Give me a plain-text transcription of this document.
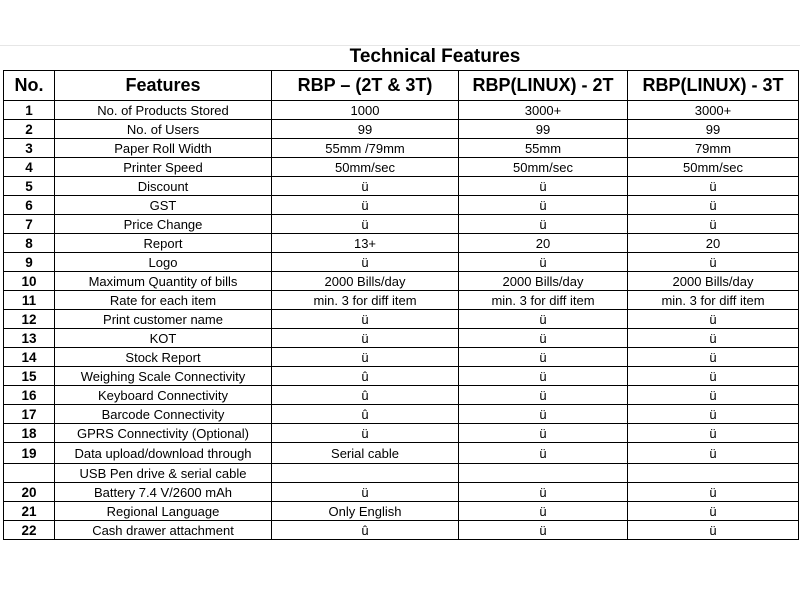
Technical Features
No.	Features	RBP – (2T & 3T)	RBP(LINUX) - 2T	RBP(LINUX) - 3T
1	No. of Products Stored	1000	3000+	3000+
2	No. of Users	99	99	99
3	Paper Roll Width	55mm /79mm	55mm	79mm
4	Printer Speed	50mm/sec	50mm/sec	50mm/sec
5	Discount	ü	ü	ü
6	GST	ü	ü	ü
7	Price Change	ü	ü	ü
8	Report	13+	20	20
9	Logo	ü	ü	ü
10	Maximum Quantity of bills	2000 Bills/day	2000 Bills/day	2000 Bills/day
11	Rate for each item	min. 3 for diff item	min. 3 for diff item	min. 3 for diff item
12	Print customer name	ü	ü	ü
13	KOT	ü	ü	ü
14	Stock Report	ü	ü	ü
15	Weighing Scale Connectivity	û	ü	ü
16	Keyboard Connectivity	û	ü	ü
17	Barcode Connectivity	û	ü	ü
18	GPRS Connectivity (Optional)	ü	ü	ü
19	Data upload/download through	Serial cable	ü	ü
	USB Pen drive & serial cable			
20	Battery 7.4 V/2600 mAh	ü	ü	ü
21	Regional Language	Only English	ü	ü
22	Cash drawer attachment	û	ü	ü
